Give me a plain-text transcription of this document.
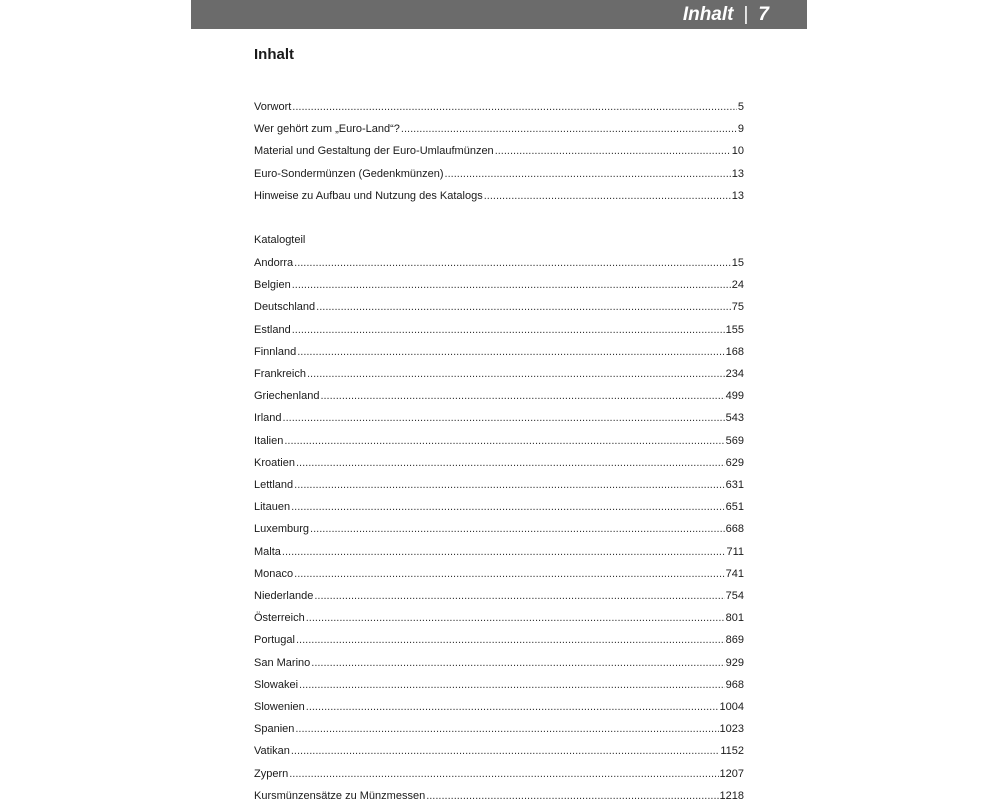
Inhalt | 7
Inhalt
Vorwort .....	5
Wer gehört zum „Euro-Land“? .....	9
Material und Gestaltung der Euro-Umlaufmünzen .....	10
Euro-Sondermünzen (Gedenkmünzen) .....	13
Hinweise zu Aufbau und Nutzung des Katalogs .....	13
Katalogteil
Andorra .....	15
Belgien .....	24
Deutschland .....	75
Estland .....	155
Finnland .....	168
Frankreich .....	234
Griechenland .....	499
Irland .....	543
Italien .....	569
Kroatien .....	629
Lettland .....	631
Litauen .....	651
Luxemburg .....	668
Malta .....	711
Monaco .....	741
Niederlande .....	754
Österreich .....	801
Portugal .....	869
San Marino .....	929
Slowakei .....	968
Slowenien .....	1004
Spanien .....	1023
Vatikan .....	1152
Zypern .....	1207
Kursmünzensätze zu Münzmessen .....	1218
